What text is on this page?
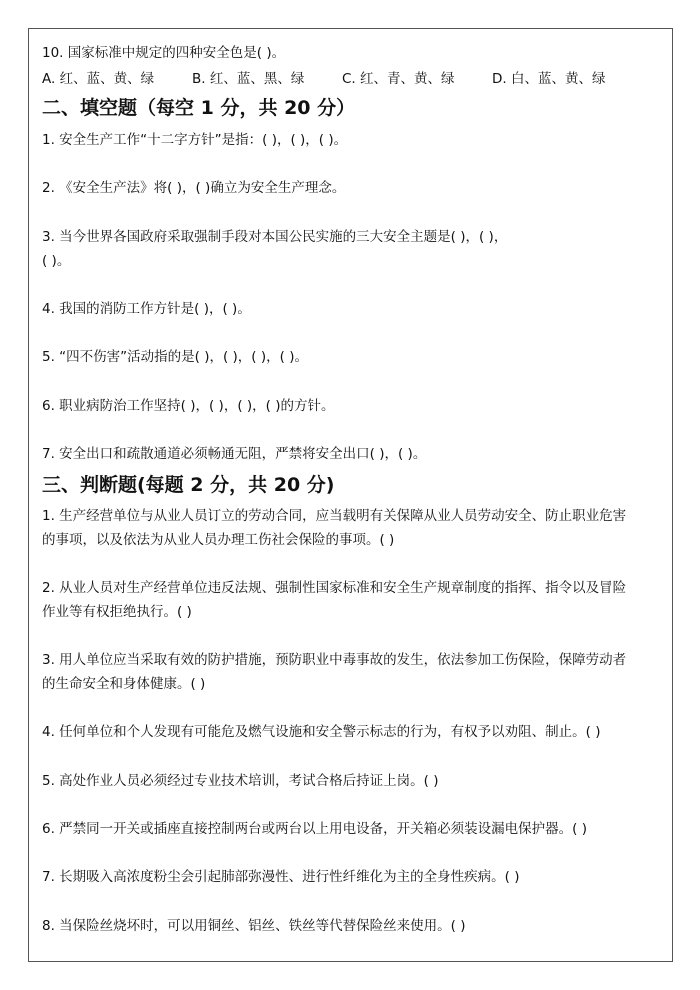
10. 国家标准中规定的四种安全色是( )。
A. 红、蓝、黄、绿	B. 红、蓝、黑、绿	C. 红、青、黄、绿	D. 白、蓝、黄、绿
二、填空题（每空 1 分，共 20 分）
1. 安全生产工作“十二字方针”是指：( )，( )，( )。
2. 《安全生产法》将( )，( )确立为安全生产理念。
3. 当今世界各国政府采取强制手段对本国公民实施的三大安全主题是( )，( )，
( )。
4. 我国的消防工作方针是( )，( )。
5. “四不伤害”活动指的是( )，( )，( )，( )。
6. 职业病防治工作坚持( )，( )，( )，( )的方针。
7. 安全出口和疏散通道必须畅通无阻，严禁将安全出口( )，( )。
三、判断题(每题 2 分，共 20 分)
1. 生产经营单位与从业人员订立的劳动合同，应当载明有关保障从业人员劳动安全、防止职业危害
的事项，以及依法为从业人员办理工伤社会保险的事项。( )
2. 从业人员对生产经营单位违反法规、强制性国家标准和安全生产规章制度的指挥、指令以及冒险
作业等有权拒绝执行。( )
3. 用人单位应当采取有效的防护措施，预防职业中毒事故的发生，依法参加工伤保险，保障劳动者
的生命安全和身体健康。( )
4. 任何单位和个人发现有可能危及燃气设施和安全警示标志的行为，有权予以劝阻、制止。( )
5. 高处作业人员必须经过专业技术培训，考试合格后持证上岗。( )
6. 严禁同一开关或插座直接控制两台或两台以上用电设备，开关箱必须装设漏电保护器。( )
7. 长期吸入高浓度粉尘会引起肺部弥漫性、进行性纤维化为主的全身性疾病。( )
8. 当保险丝烧坏时，可以用铜丝、铝丝、铁丝等代替保险丝来使用。( )
